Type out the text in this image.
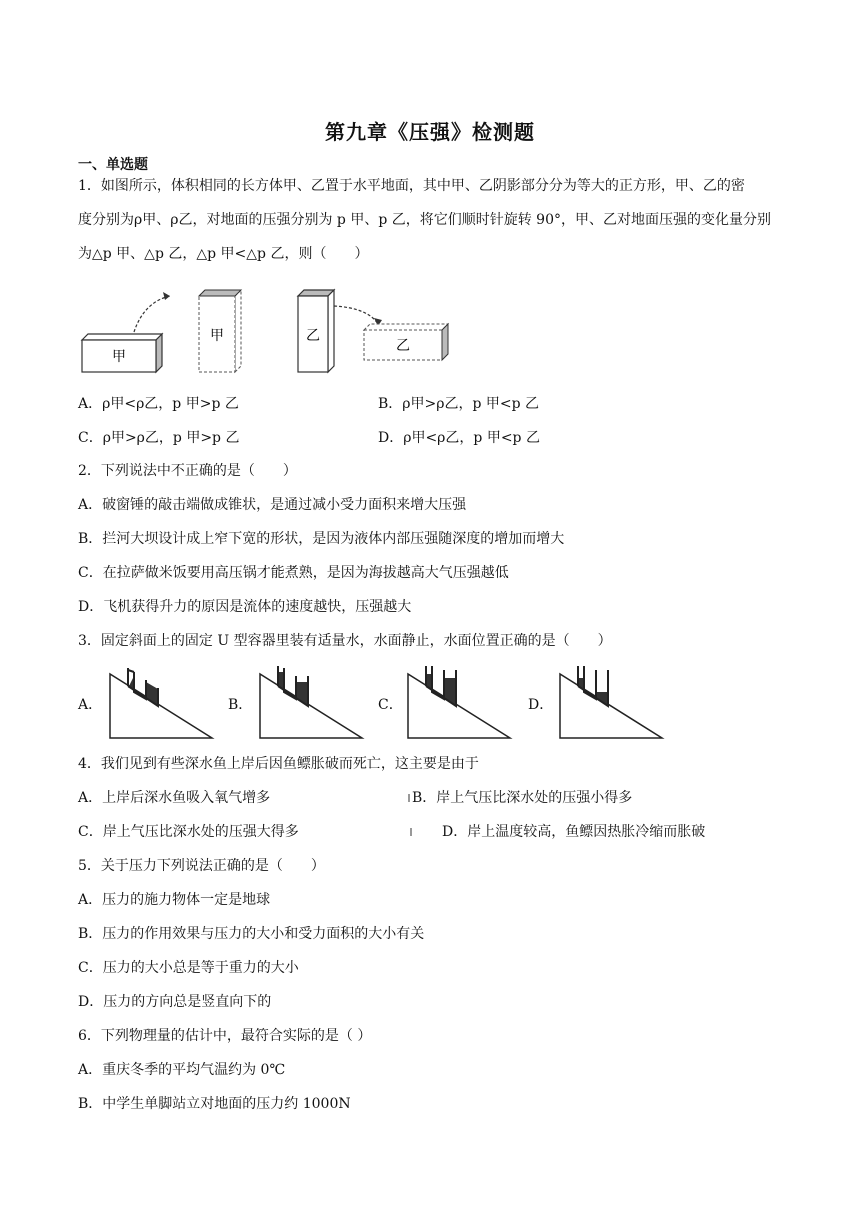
第九章《压强》检测题
一、单选题
1．如图所示，体积相同的长方体甲、乙置于水平地面，其中甲、乙阴影部分分为等大的正方形，甲、乙的密
度分别为ρ甲、ρ乙，对地面的压强分别为 p 甲、p 乙，将它们顺时针旋转 90°，甲、乙对地面压强的变化量分别
为△p 甲、△p 乙，△p 甲<△p 乙，则（　　）
甲
甲	乙
乙
A．ρ甲<ρ乙，p 甲>p 乙	B．ρ甲>ρ乙，p 甲<p 乙
C．ρ甲>ρ乙，p 甲>p 乙	D．ρ甲<ρ乙，p 甲<p 乙
2．下列说法中不正确的是（　　）
A．破窗锤的敲击端做成锥状，是通过减小受力面积来增大压强
B．拦河大坝设计成上窄下宽的形状，是因为液体内部压强随深度的增加而增大
C．在拉萨做米饭要用高压锅才能煮熟，是因为海拔越高大气压强越低
D．飞机获得升力的原因是流体的速度越快，压强越大
3．固定斜面上的固定 U 型容器里装有适量水，水面静止，水面位置正确的是（　　）
A．	B．	C．	D．
4．我们见到有些深水鱼上岸后因鱼鳔胀破而死亡，这主要是由于
A．上岸后深水鱼吸入氧气增多	B．岸上气压比深水处的压强小得多
C．岸上气压比深水处的压强大得多	D．岸上温度较高，鱼鳔因热胀冷缩而胀破
5．关于压力下列说法正确的是（　　）
A．压力的施力物体一定是地球
B．压力的作用效果与压力的大小和受力面积的大小有关
C．压力的大小总是等于重力的大小
D．压力的方向总是竖直向下的
6．下列物理量的估计中，最符合实际的是（ ）
A．重庆冬季的平均气温约为 0℃
B．中学生单脚站立对地面的压力约 1000N
